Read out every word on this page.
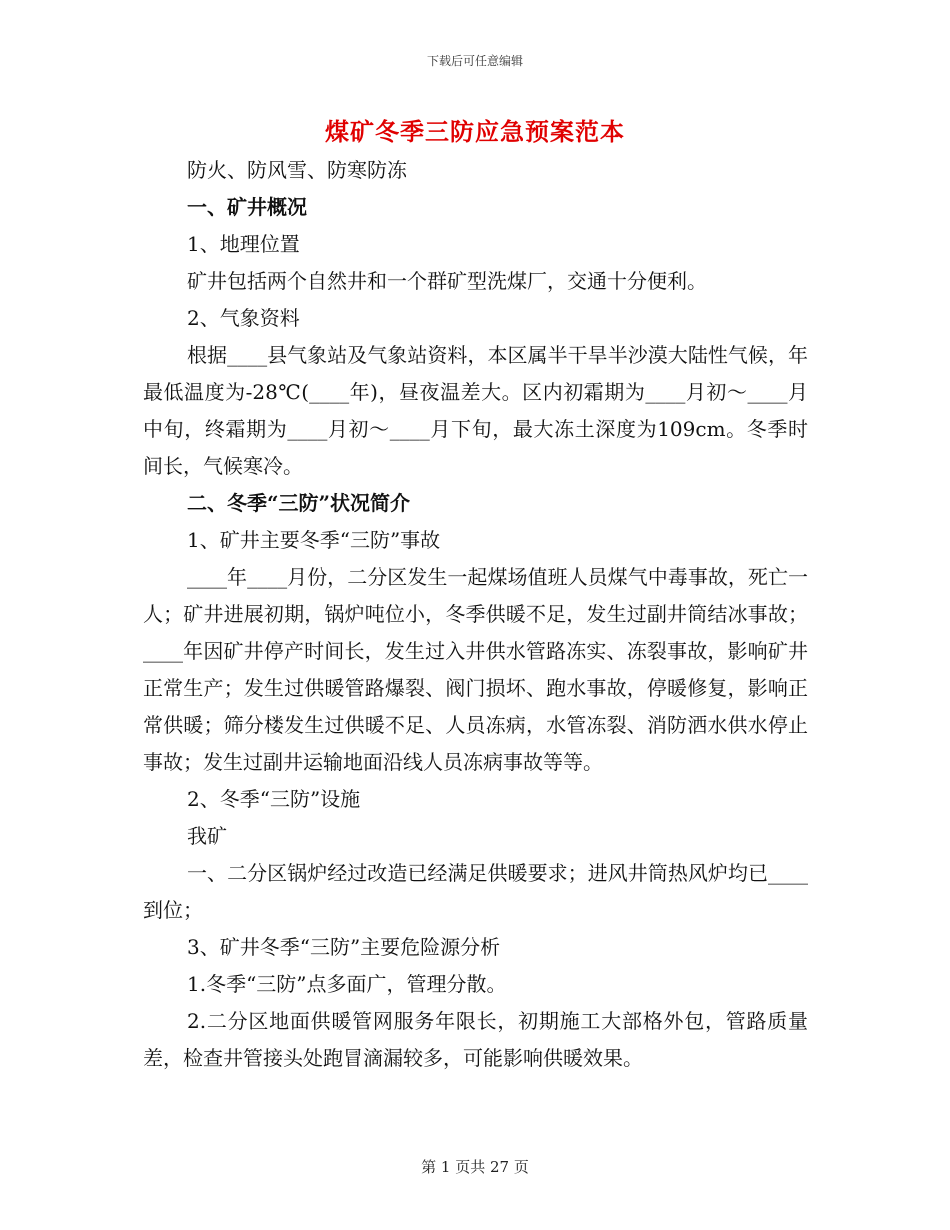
下载后可任意编辑
煤矿冬季三防应急预案范本

防火、防风雪、防寒防冻

一、矿井概况

1、地理位置

矿井包括两个自然井和一个群矿型洗煤厂，交通十分便利。

2、气象资料

根据____县气象站及气象站资料，本区属半干旱半沙漠大陆性气候，年最低温度为-28℃(____年)，昼夜温差大。区内初霜期为____月初～____月中旬，终霜期为____月初～____月下旬，最大冻土深度为109cm。冬季时间长，气候寒冷。

二、冬季“三防”状况简介

1、矿井主要冬季“三防”事故

____年____月份，二分区发生一起煤场值班人员煤气中毒事故，死亡一人；矿井进展初期，锅炉吨位小，冬季供暖不足，发生过副井筒结冰事故；____年因矿井停产时间长，发生过入井供水管路冻实、冻裂事故，影响矿井正常生产；发生过供暖管路爆裂、阀门损坏、跑水事故，停暖修复，影响正常供暖；筛分楼发生过供暖不足、人员冻病，水管冻裂、消防洒水供水停止事故；发生过副井运输地面沿线人员冻病事故等等。

2、冬季“三防”设施

我矿

一、二分区锅炉经过改造已经满足供暖要求；进风井筒热风炉均已____到位；

3、矿井冬季“三防”主要危险源分析

1.冬季“三防”点多面广，管理分散。

2.二分区地面供暖管网服务年限长，初期施工大部格外包，管路质量差，检查井管接头处跑冒滴漏较多，可能影响供暖效果。

第 1 页共 27 页
